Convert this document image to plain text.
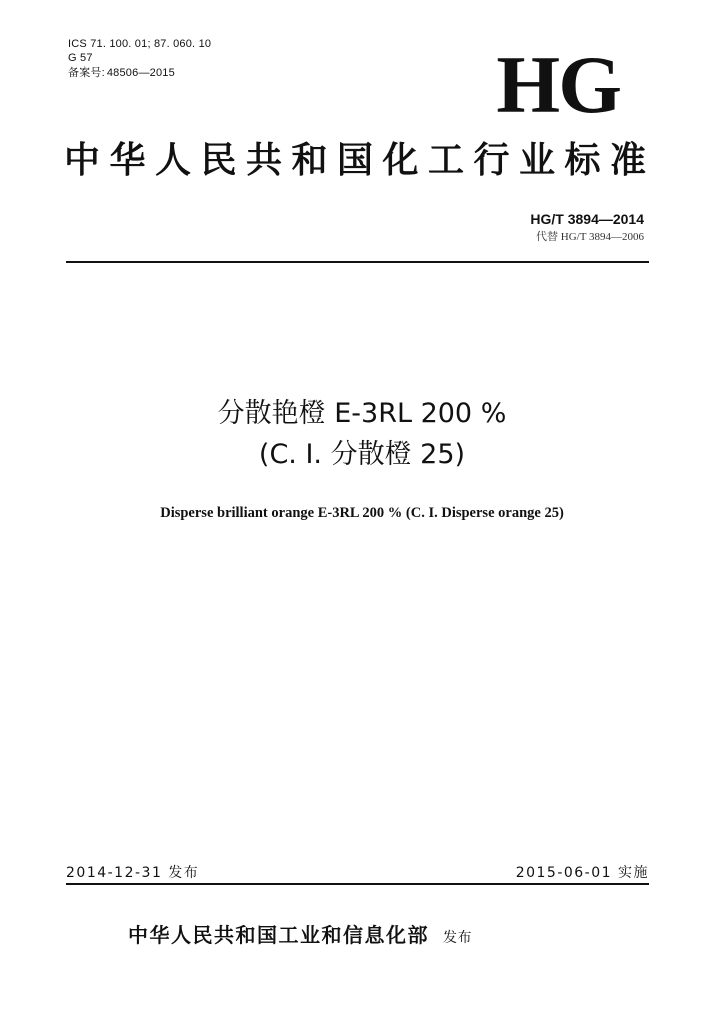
ICS 71. 100. 01; 87. 060. 10
G 57
备案号: 48506—2015	HG
中华人民共和国化工行业标准
HG/T 3894—2014
代替 HG/T 3894—2006
分散艳橙 E-3RL 200 %
(C. I. 分散橙 25)
Disperse brilliant orange E-3RL 200 % (C. I. Disperse orange 25)
2014-12-31 发布	2015-06-01 实施
中华人民共和国工业和信息化部 发布
